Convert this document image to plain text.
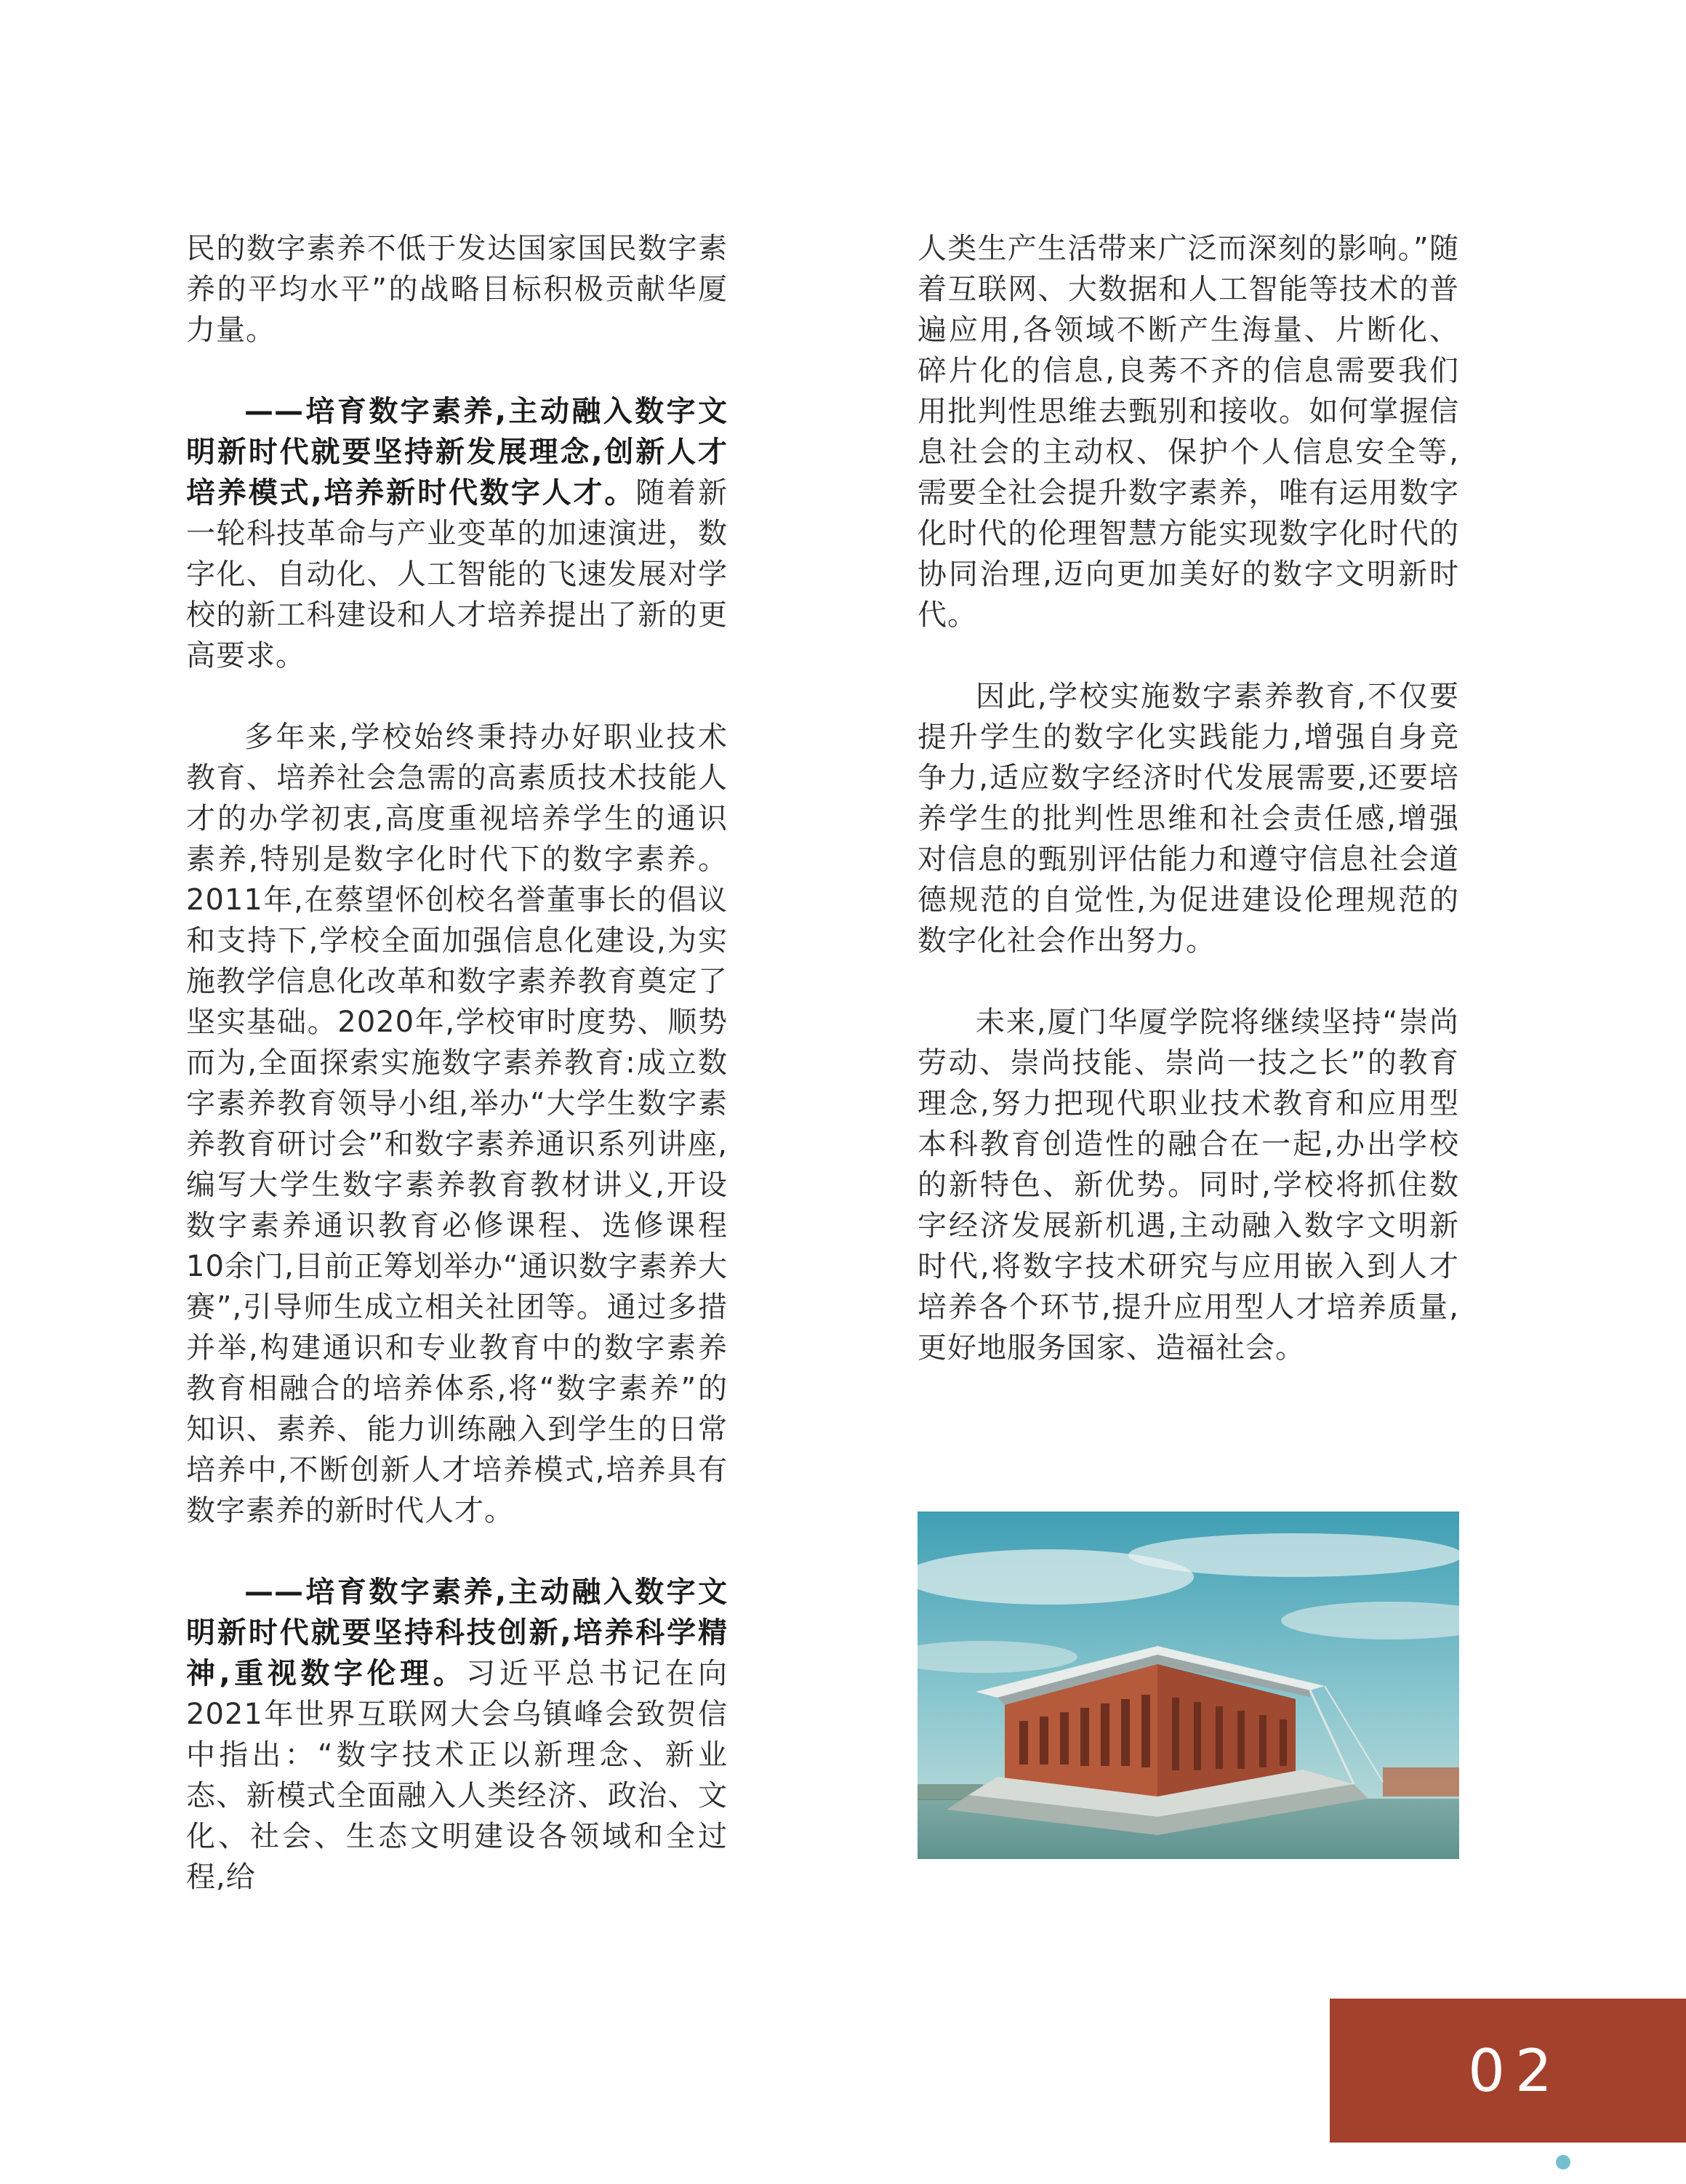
民的数字素养不低于发达国家国民数字素养的平均水平”的战略目标积极贡献华厦力量。

——培育数字素养,主动融入数字文明新时代就要坚持新发展理念,创新人才培养模式,培养新时代数字人才。随着新一轮科技革命与产业变革的加速演进，数字化、自动化、人工智能的飞速发展对学校的新工科建设和人才培养提出了新的更高要求。

多年来,学校始终秉持办好职业技术教育、培养社会急需的高素质技术技能人才的办学初衷,高度重视培养学生的通识素养,特别是数字化时代下的数字素养。2011年,在蔡望怀创校名誉董事长的倡议和支持下,学校全面加强信息化建设,为实施教学信息化改革和数字素养教育奠定了坚实基础。2020年,学校审时度势、顺势而为,全面探索实施数字素养教育:成立数字素养教育领导小组,举办“大学生数字素养教育研讨会”和数字素养通识系列讲座,编写大学生数字素养教育教材讲义,开设数字素养通识教育必修课程、选修课程10余门,目前正筹划举办“通识数字素养大赛”,引导师生成立相关社团等。通过多措并举,构建通识和专业教育中的数字素养教育相融合的培养体系,将“数字素养”的知识、素养、能力训练融入到学生的日常培养中,不断创新人才培养模式,培养具有数字素养的新时代人才。

——培育数字素养,主动融入数字文明新时代就要坚持科技创新,培养科学精神,重视数字伦理。习近平总书记在向2021年世界互联网大会乌镇峰会致贺信中指出：“数字技术正以新理念、新业态、新模式全面融入人类经济、政治、文化、社会、生态文明建设各领域和全过程,给

人类生产生活带来广泛而深刻的影响。”随着互联网、大数据和人工智能等技术的普遍应用,各领域不断产生海量、片断化、碎片化的信息,良莠不齐的信息需要我们用批判性思维去甄别和接收。如何掌握信息社会的主动权、保护个人信息安全等,需要全社会提升数字素养，唯有运用数字化时代的伦理智慧方能实现数字化时代的协同治理,迈向更加美好的数字文明新时代。

因此,学校实施数字素养教育,不仅要提升学生的数字化实践能力,增强自身竞争力,适应数字经济时代发展需要,还要培养学生的批判性思维和社会责任感,增强对信息的甄别评估能力和遵守信息社会道德规范的自觉性,为促进建设伦理规范的数字化社会作出努力。

未来,厦门华厦学院将继续坚持“崇尚劳动、崇尚技能、崇尚一技之长”的教育理念,努力把现代职业技术教育和应用型本科教育创造性的融合在一起,办出学校的新特色、新优势。同时,学校将抓住数字经济发展新机遇,主动融入数字文明新时代,将数字技术研究与应用嵌入到人才培养各个环节,提升应用型人才培养质量,更好地服务国家、造福社会。

02
酷数据
